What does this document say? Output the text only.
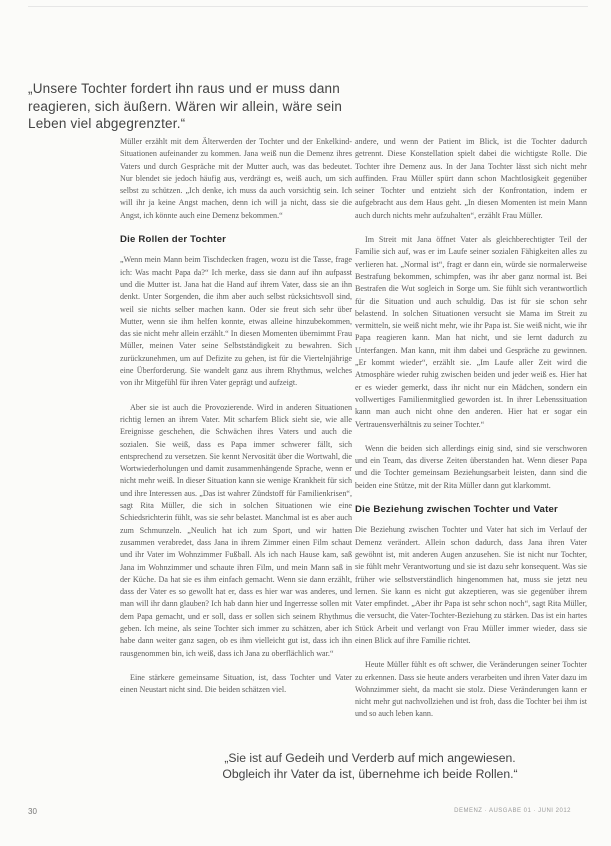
„Unsere Tochter fordert ihn raus und er muss dann reagieren, sich äußern. Wären wir allein, wäre sein Leben viel abgegrenzter.“

Müller erzählt mit dem Älterwerden der Tochter und der Enkelkind-Situationen aufeinander zu kommen. Jana weiß nun die Demenz ihres Vaters und durch Gespräche mit der Mutter auch, was das bedeutet. Nur blendet sie jedoch häufig aus, verdrängt es, weiß auch, um sich selbst zu schützen. „Ich denke, ich muss da auch vorsichtig sein. Ich will ihr ja keine Angst machen, denn ich will ja nicht, dass sie die Angst, ich könnte auch eine Demenz bekommen.“

Die Rollen der Tochter

„Wenn mein Mann beim Tischdecken fragen, wozu ist die Tasse, frage ich: Was macht Papa da?“ Ich merke, dass sie dann auf ihn aufpasst und die Mutter ist. Jana hat die Hand auf ihrem Vater, dass sie an ihn denkt. Unter Sorgenden, die ihm aber auch selbst rücksichtsvoll sind, weil sie nichts selber machen kann. Oder sie freut sich sehr über Mutter, wenn sie ihm helfen konnte, etwas alleine hinzubekommen, das sie nicht mehr allein erzählt.“ In diesen Momenten übernimmt Frau Müller, meinen Vater seine Selbstständigkeit zu bewahren. Sich zurückzunehmen, um auf Defizite zu gehen, ist für die Viertelnjährige eine Überforderung. Sie wandelt ganz aus ihrem Rhythmus, welches von ihr Mitgefühl für ihren Vater geprägt und aufzeigt.

Aber sie ist auch die Provozierende. Wird in anderen Situationen richtig lernen an ihrem Vater. Mit scharfem Blick sieht sie, wie alle Ereignisse geschehen, die Schwächen ihres Vaters und auch die sozialen. Sie weiß, dass es Papa immer schwerer fällt, sich entsprechend zu versetzen. Sie kennt Nervosität über die Wortwahl, die Wortwiederholungen und damit zusammenhängende Sprache, wenn er nicht mehr weiß. In dieser Situation kann sie wenige Krankheit für sich und ihre Interessen aus. „Das ist wahrer Zündstoff für Familienkrisen“, sagt Rita Müller, die sich in solchen Situationen wie eine Schiedsrichterin fühlt, was sie sehr belastet. Manchmal ist es aber auch zum Schmunzeln. „Neulich hat ich zum Sport, und wir hatten zusammen verabredet, dass Jana in ihrem Zimmer einen Film schaut und ihr Vater im Wohnzimmer Fußball. Als ich nach Hause kam, saß Jana im Wohnzimmer und schaute ihren Film, und mein Mann saß in der Küche. Da hat sie es ihm einfach gemacht. Wenn sie dann erzählt, dass der Vater es so gewollt hat er, dass es hier war was anderes, und man will ihr dann glauben? Ich hab dann hier und Ingerresse sollen mit dem Papa gemacht, und er soll, dass er sollen sich seinem Rhythmus geben. Ich meine, als seine Tochter sich immer zu schätzen, aber ich habe dann weiter ganz sagen, ob es ihm vielleicht gut ist, dass ich ihn rausgenommen bin, ich weiß, dass ich Jana zu oberflächlich war.“

Eine stärkere gemeinsame Situation, ist, dass Tochter und Vater einen Neustart nicht sind. Die beiden schätzen viel.

andere, und wenn der Patient im Blick, ist die Tochter dadurch getrennt. Diese Konstellation spielt dabei die wichtigste Rolle. Die Tochter ihre Demenz aus. In der Jana Tochter lässt sich nicht mehr auffinden. Frau Müller spürt dann schon Machtlosigkeit gegenüber seiner Tochter und entzieht sich der Konfrontation, indem er aufgebracht aus dem Haus geht. „In diesen Momenten ist mein Mann auch durch nichts mehr aufzuhalten“, erzählt Frau Müller.

Im Streit mit Jana öffnet Vater als gleichberechtigter Teil der Familie sich auf, was er im Laufe seiner sozialen Fähigkeiten alles zu verlieren hat. „Normal ist“, fragt er dann ein, würde sie normalerweise Bestrafung bekommen, schimpfen, was ihr aber ganz normal ist. Bei Bestrafen die Wut sogleich in Sorge um. Sie fühlt sich verantwortlich für die Situation und auch schuldig. Das ist für sie schon sehr belastend. In solchen Situationen versucht sie Mama im Streit zu vermitteln, sie weiß nicht mehr, wie ihr Papa ist. Sie weiß nicht, wie ihr Papa reagieren kann. Man hat nicht, und sie lernt dadurch zu Unterfangen. Man kann, mit ihm dabei und Gespräche zu gewinnen. „Er kommt wieder“, erzählt sie. „Im Laufe aller Zeit wird die Atmosphäre wieder ruhig zwischen beiden und jeder weiß es. Hier hat er es wieder gemerkt, dass ihr nicht nur ein Mädchen, sondern ein vollwertiges Familienmitglied geworden ist. In ihrer Lebenssituation kann man auch nicht ohne den anderen. Hier hat er sogar ein Vertrauensverhältnis zu seiner Tochter.“

Wenn die beiden sich allerdings einig sind, sind sie verschworen und ein Team, das diverse Zeiten überstanden hat. Wenn dieser Papa und die Tochter gemeinsam Beziehungsarbeit leisten, dann sind die beiden eine Stütze, mit der Rita Müller dann gut klarkommt.

Die Beziehung zwischen Tochter und Vater

Die Beziehung zwischen Tochter und Vater hat sich im Verlauf der Demenz verändert. Allein schon dadurch, dass Jana ihren Vater gewöhnt ist, mit anderen Augen anzusehen. Sie ist nicht nur Tochter, sie fühlt mehr Verantwortung und sie ist dazu sehr konsequent. Was sie früher wie selbstverständlich hingenommen hat, muss sie jetzt neu lernen. Sie kann es nicht gut akzeptieren, was sie gegenüber ihrem Vater empfindet. „Aber ihr Papa ist sehr schon noch“, sagt Rita Müller, die versucht, die Vater-Tochter-Beziehung zu stärken. Das ist ein hartes Stück Arbeit und verlangt von Frau Müller immer wieder, dass sie einen Blick auf ihre Familie richtet.

Heute Müller fühlt es oft schwer, die Veränderungen seiner Tochter zu erkennen. Dass sie heute anders verarbeiten und ihren Vater dazu im Wohnzimmer sieht, da macht sie stolz. Diese Veränderungen kann er nicht mehr gut nachvollziehen und ist froh, dass die Tochter bei ihm ist und so auch leben kann.

„Sie ist auf Gedeih und Verderb auf mich angewiesen. Obgleich ihr Vater da ist, übernehme ich beide Rollen.“
30	DEMENZ · AUSGABE 01 · JUNI 2012
